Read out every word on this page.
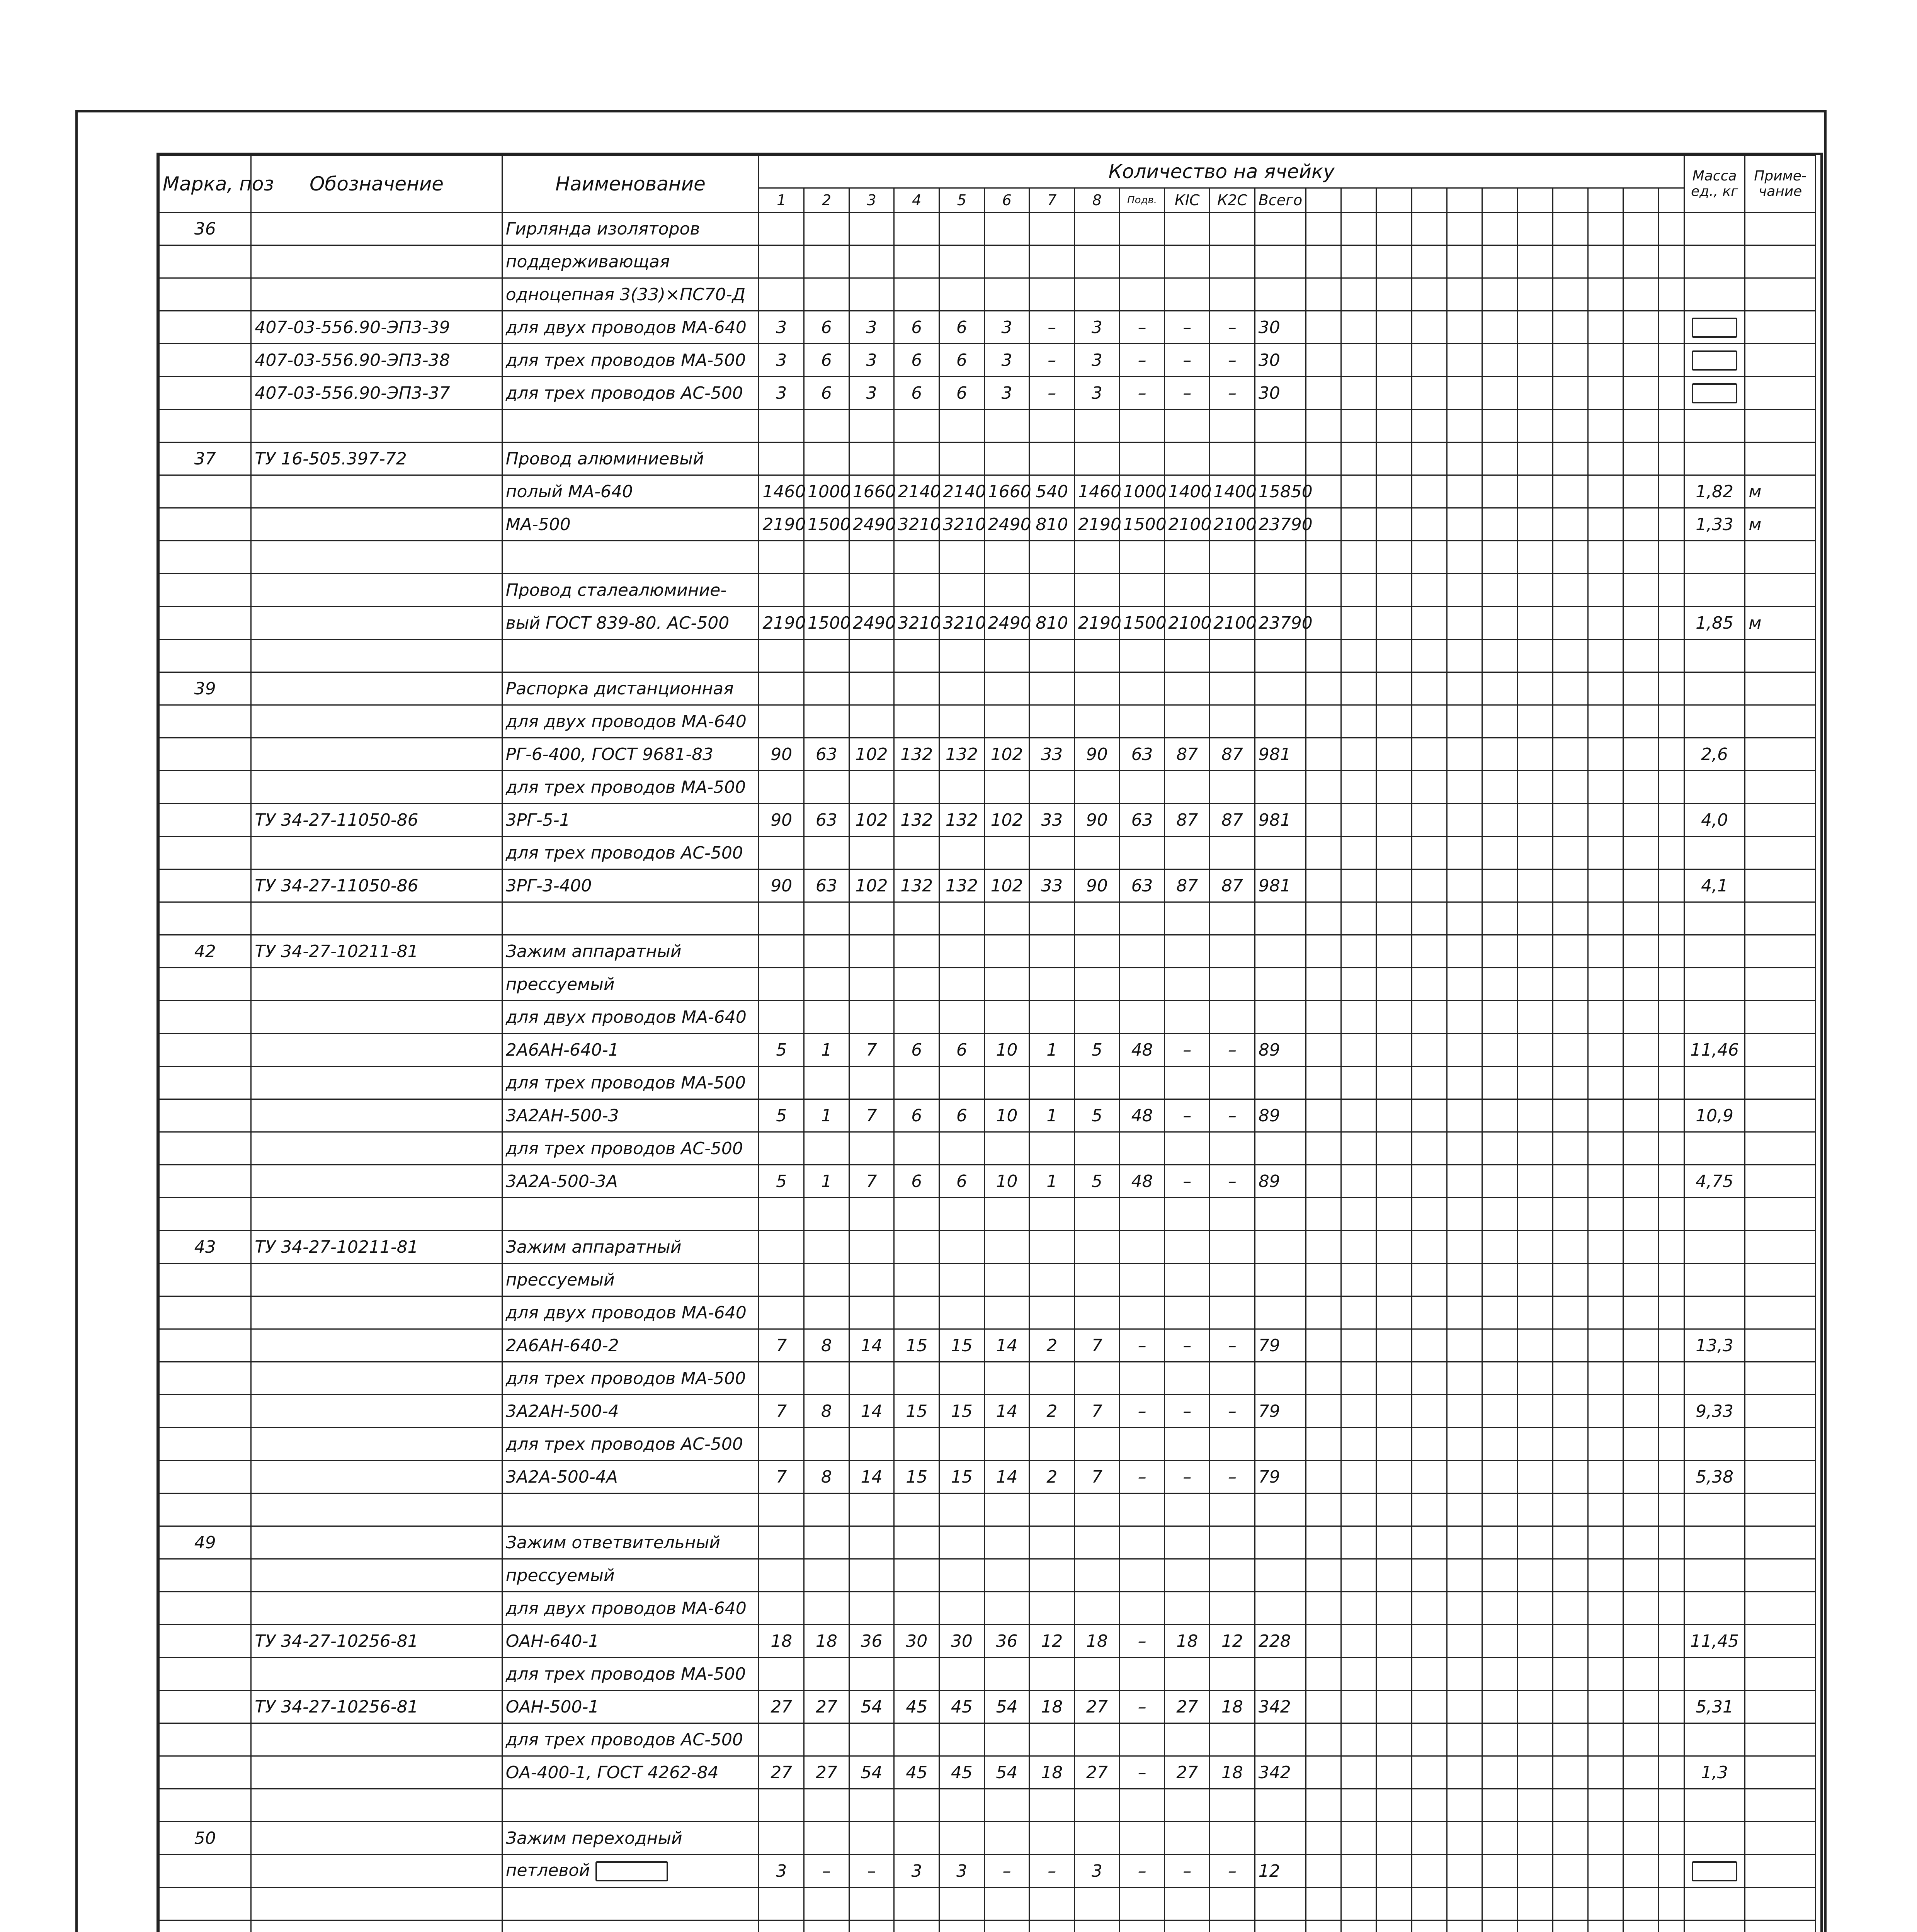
Марка, поз	Обозначение	Наименование	Количество на ячейку																							Масса ед., кг	Приме- чание
			1	2	3	4	5	6	7	8	Подв.	КІС	К2С	Всего													
36		Гирлянда изоляторов																									
		поддерживающая																									
		одноцепная 3(33)×ПС70-Д																									
	407-03-556.90-ЭП3-39	для двух проводов МА-640	3	6	3	6	6	3	–	3	–	–	–	30													
	407-03-556.90-ЭП3-38	для трех проводов МА-500	3	6	3	6	6	3	–	3	–	–	–	30													
	407-03-556.90-ЭП3-37	для трех проводов АС-500	3	6	3	6	6	3	–	3	–	–	–	30													

37	ТУ 16-505.397-72	Провод алюминиевый																									
		полый МА-640	1460	1000	1660	2140	2140	1660	540	1460	1000	1400	1400	15850												1,82	м
		МА-500	2190	1500	2490	3210	3210	2490	810	2190	1500	2100	2100	23790												1,33	м

		Провод сталеалюминие-																									
		вый ГОСТ 839-80. АС-500	2190	1500	2490	3210	3210	2490	810	2190	1500	2100	2100	23790												1,85	м

39		Распорка дистанционная																									
		для двух проводов МА-640																									
		РГ-6-400, ГОСТ 9681-83	90	63	102	132	132	102	33	90	63	87	87	981												2,6	
		для трех проводов МА-500																									
	ТУ 34-27-11050-86	3РГ-5-1	90	63	102	132	132	102	33	90	63	87	87	981												4,0	
		для трех проводов АС-500																									
	ТУ 34-27-11050-86	3РГ-3-400	90	63	102	132	132	102	33	90	63	87	87	981												4,1	

42	ТУ 34-27-10211-81	Зажим аппаратный																									
		прессуемый																									
		для двух проводов МА-640																									
		2А6АН-640-1	5	1	7	6	6	10	1	5	48	–	–	89												11,46	
		для трех проводов МА-500																									
		3А2АН-500-3	5	1	7	6	6	10	1	5	48	–	–	89												10,9	
		для трех проводов АС-500																									
		3А2А-500-3А	5	1	7	6	6	10	1	5	48	–	–	89												4,75	

43	ТУ 34-27-10211-81	Зажим аппаратный																									
		прессуемый																									
		для двух проводов МА-640																									
		2А6АН-640-2	7	8	14	15	15	14	2	7	–	–	–	79												13,3	
		для трех проводов МА-500																									
		3А2АН-500-4	7	8	14	15	15	14	2	7	–	–	–	79												9,33	
		для трех проводов АС-500																									
		3А2А-500-4А	7	8	14	15	15	14	2	7	–	–	–	79												5,38	

49		Зажим ответвительный																									
		прессуемый																									
		для двух проводов МА-640																									
	ТУ 34-27-10256-81	ОАН-640-1	18	18	36	30	30	36	12	18	–	18	12	228												11,45	
		для трех проводов МА-500																									
	ТУ 34-27-10256-81	ОАН-500-1	27	27	54	45	45	54	18	27	–	27	18	342												5,31	
		для трех проводов АС-500																									
		ОА-400-1, ГОСТ 4262-84	27	27	54	45	45	54	18	27	–	27	18	342												1,3	

50		Зажим переходный																									
		петлевой	3	–	–	3	3	–	–	3	–	–	–	12													
